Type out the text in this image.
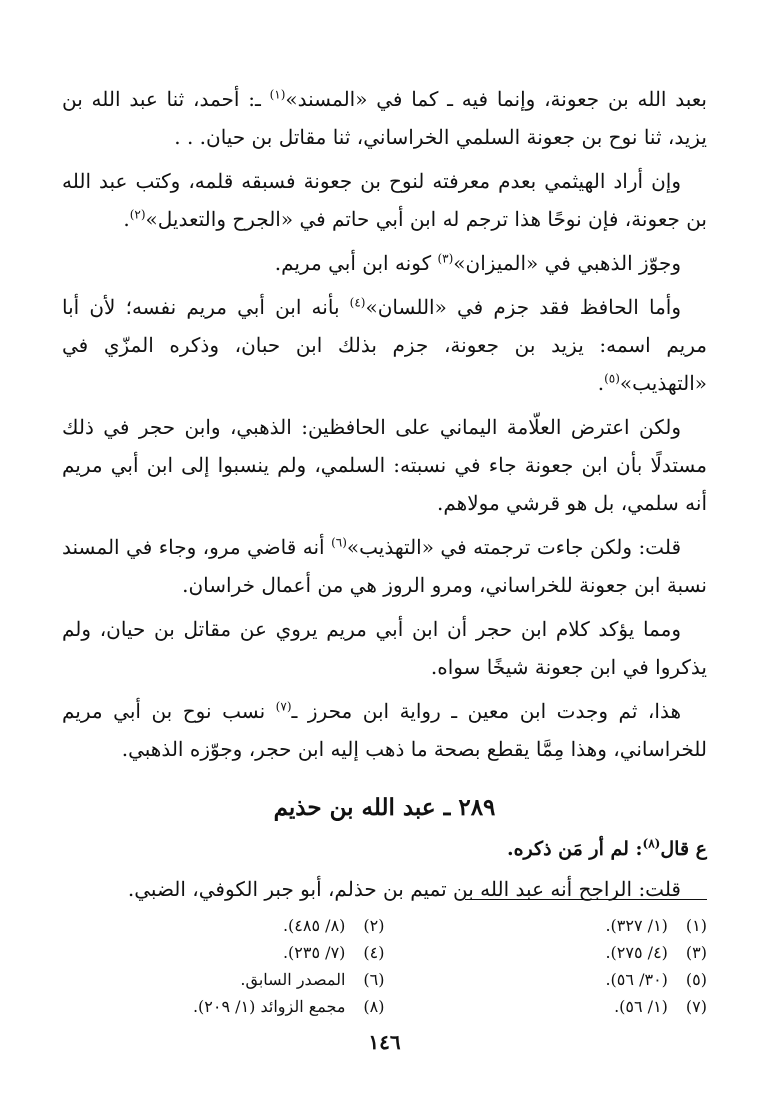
بعبد الله بن جعونة، وإنما فيه ـ كما في «المسند»$^{(١)}$ ـ: أحمد، ثنا عبد الله بن يزيد، ثنا نوح بن جعونة السلمي الخراساني، ثنا مقاتل بن حيان. . .

وإن أراد الهيثمي بعدم معرفته لنوح بن جعونة فسبقه قلمه، وكتب عبد الله بن جعونة، فإن نوحًا هذا ترجم له ابن أبي حاتم في «الجرح والتعديل»$^{(٢)}$.

وجوّز الذهبي في «الميزان»$^{(٣)}$ كونه ابن أبي مريم.

وأما الحافظ فقد جزم في «اللسان»$^{(٤)}$ بأنه ابن أبي مريم نفسه؛ لأن أبا مريم اسمه: يزيد بن جعونة، جزم بذلك ابن حبان، وذكره المزّي في «التهذيب»$^{(٥)}$.

ولكن اعترض العلّامة اليماني على الحافظين: الذهبي، وابن حجر في ذلك مستدلًا بأن ابن جعونة جاء في نسبته: السلمي، ولم ينسبوا إلى ابن أبي مريم أنه سلمي، بل هو قرشي مولاهم.

قلت: ولكن جاءت ترجمته في «التهذيب»$^{(٦)}$ أنه قاضي مرو، وجاء في المسند نسبة ابن جعونة للخراساني، ومرو الروز هي من أعمال خراسان.

ومما يؤكد كلام ابن حجر أن ابن أبي مريم يروي عن مقاتل بن حيان، ولم يذكروا في ابن جعونة شيخًا سواه.

هذا، ثم وجدت ابن معين ـ رواية ابن محرز ـ$^{(٧)}$ نسب نوح بن أبي مريم للخراساني، وهذا مِمَّا يقطع بصحة ما ذهب إليه ابن حجر، وجوّزه الذهبي.

٢٨٩ ـ عبد الله بن حذيم
ع قال$^{(٨)}$: لم أر مَن ذكره.

قلت: الراجح أنه عبد الله بن تميم بن حذلم، أبو جبر الكوفي، الضبي.

(١) (١/ ٣٢٧).
(٢) (٨/ ٤٨٥).
(٣) (٤/ ٢٧٥).
(٤) (٧/ ٢٣٥).
(٥) (٣٠/ ٥٦).
(٦) المصدر السابق.
(٧) (١/ ٥٦).
(٨) مجمع الزوائد (١/ ٢٠٩).
١٤٦
